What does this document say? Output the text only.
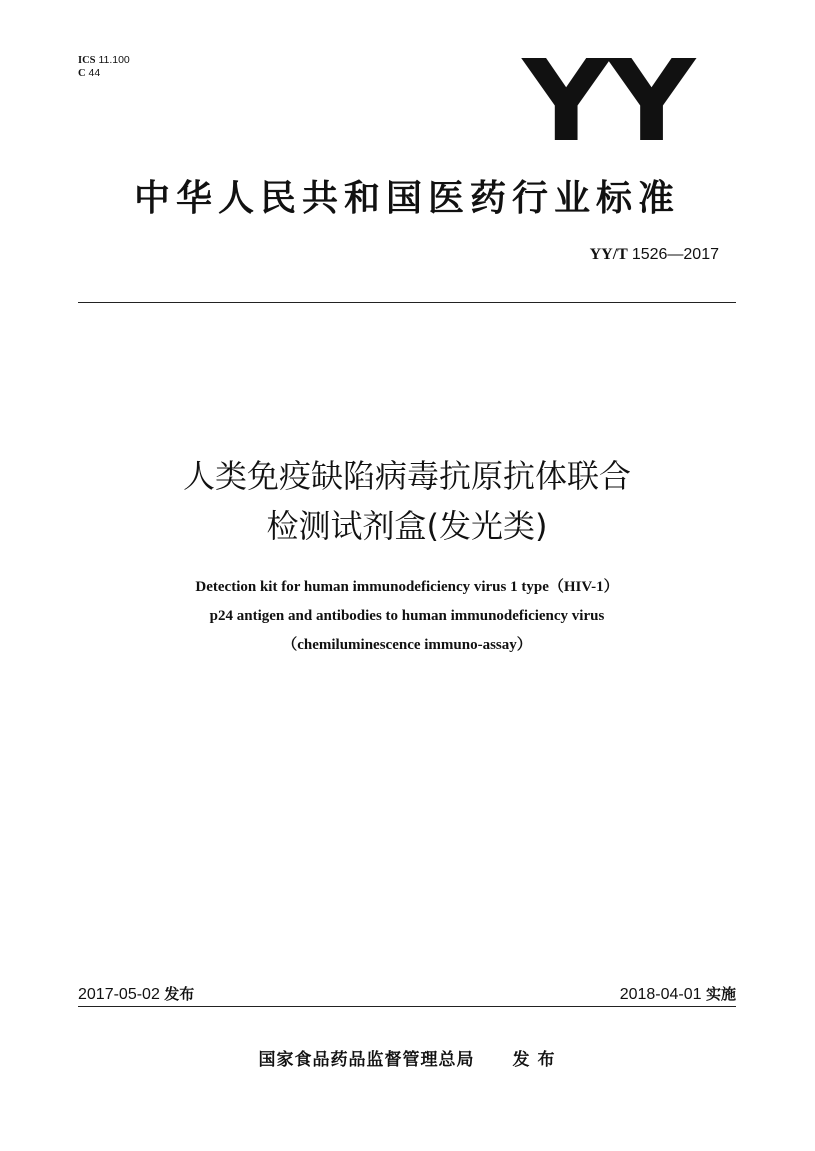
ICS 11.100
C 44	YY
中华人民共和国医药行业标准
YY/T 1526—2017
人类免疫缺陷病毒抗原抗体联合
检测试剂盒(发光类)
Detection kit for human immunodeficiency virus 1 type（HIV-1）
p24 antigen and antibodies to human immunodeficiency virus
（chemiluminescence immuno-assay）
2017-05-02 发布	2018-04-01 实施
国家食品药品监督管理总局 发 布
